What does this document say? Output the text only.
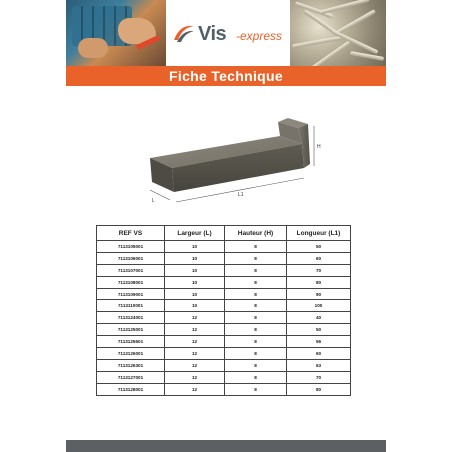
Vis -express
Fiche Technique
L1
L
H
REF VS	Largeur (L)	Hauteur (H)	Longueur (L1)
7113105001	10	8	50
7113106001	10	8	60
7113107001	10	8	70
7113108001	10	8	80
7113109001	10	8	90
7113110001	10	8	100
7113124001	12	8	40
7113125001	12	8	50
7113125601	12	8	56
7113126001	12	8	60
7113126301	12	8	63
7113127001	12	8	70
7113128001	12	8	80
